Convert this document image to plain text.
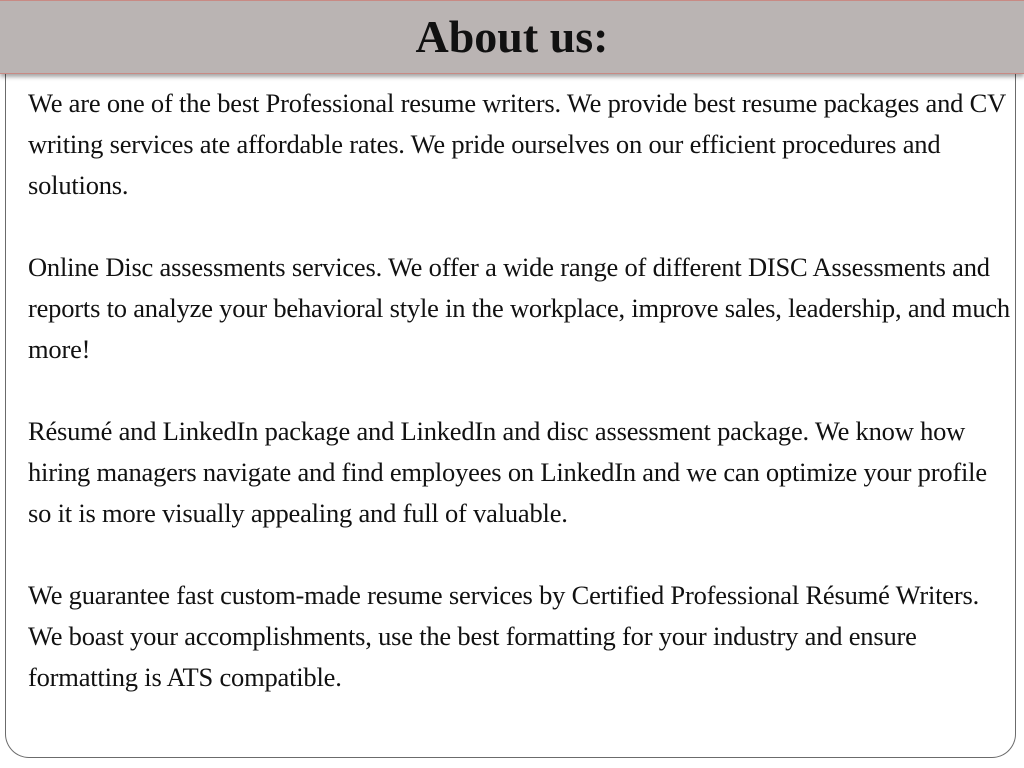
About us:

We are one of the best Professional resume writers. We provide best resume packages and CV writing services ate affordable rates. We pride ourselves on our efficient procedures and solutions.

Online Disc assessments services. We offer a wide range of different DISC Assessments and reports to analyze your behavioral style in the workplace, improve sales, leadership, and much more!

Résumé and LinkedIn package and LinkedIn and disc assessment package. We know how hiring managers navigate and find employees on LinkedIn and we can optimize your profile so it is more visually appealing and full of valuable.

We guarantee fast custom-made resume services by Certified Professional Résumé Writers. We boast your accomplishments, use the best formatting for your industry and ensure formatting is ATS compatible.
